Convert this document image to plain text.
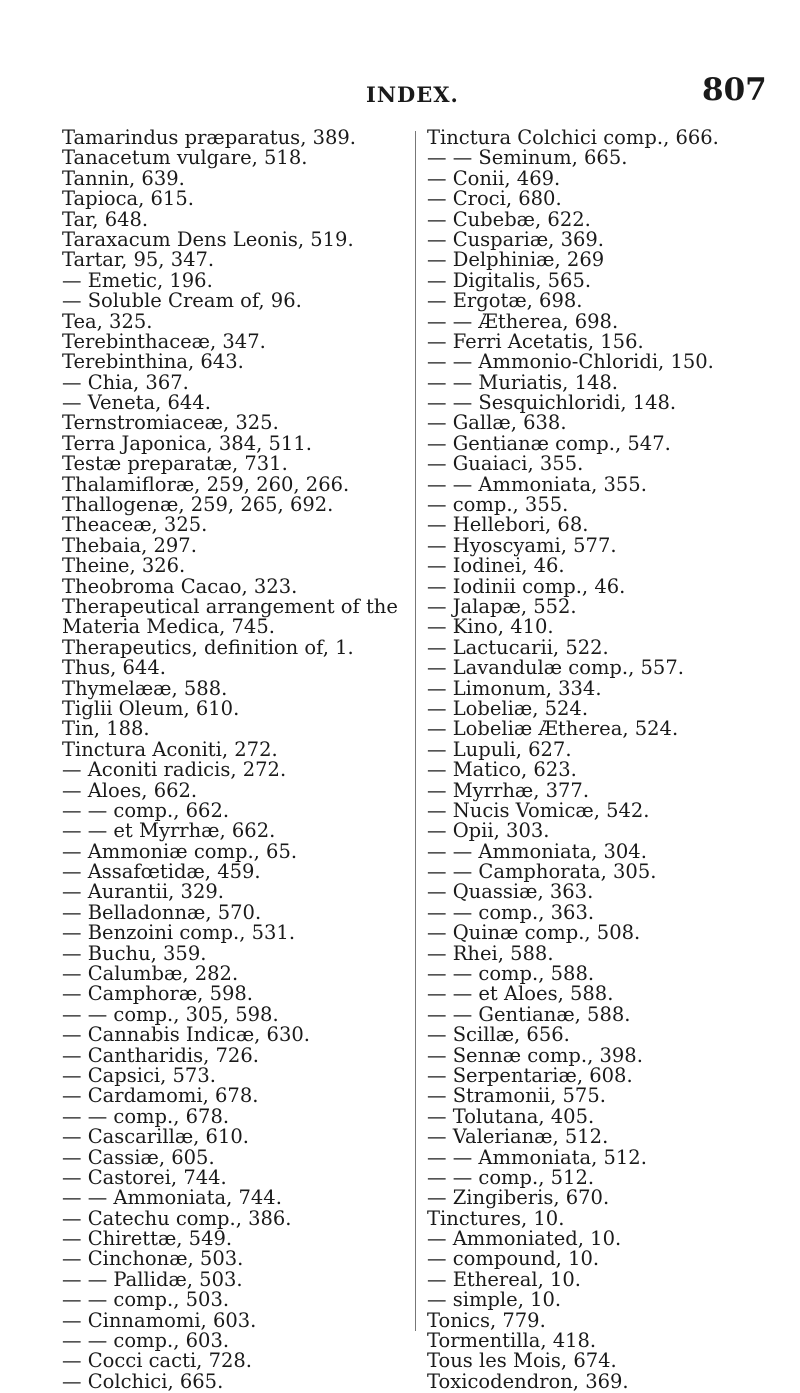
INDEX.	807
Tamarindus præparatus, 389.
Tanacetum vulgare, 518.
Tannin, 639.
Tapioca, 615.
Tar, 648.
Taraxacum Dens Leonis, 519.
Tartar, 95, 347.
— Emetic, 196.
— Soluble Cream of, 96.
Tea, 325.
Terebinthaceæ, 347.
Terebinthina, 643.
— Chia, 367.
— Veneta, 644.
Ternstromiaceæ, 325.
Terra Japonica, 384, 511.
Testæ preparatæ, 731.
Thalamifloræ, 259, 260, 266.
Thallogenæ, 259, 265, 692.
Theaceæ, 325.
Thebaia, 297.
Theine, 326.
Theobroma Cacao, 323.
Therapeutical arrangement of the
Materia Medica, 745.
Therapeutics, definition of, 1.
Thus, 644.
Thymelææ, 588.
Tiglii Oleum, 610.
Tin, 188.
Tinctura Aconiti, 272.
— Aconiti radicis, 272.
— Aloes, 662.
— — comp., 662.
— — et Myrrhæ, 662.
— Ammoniæ comp., 65.
— Assafœtidæ, 459.
— Aurantii, 329.
— Belladonnæ, 570.
— Benzoini comp., 531.
— Buchu, 359.
— Calumbæ, 282.
— Camphoræ, 598.
— — comp., 305, 598.
— Cannabis Indicæ, 630.
— Cantharidis, 726.
— Capsici, 573.
— Cardamomi, 678.
— — comp., 678.
— Cascarillæ, 610.
— Cassiæ, 605.
— Castorei, 744.
— — Ammoniata, 744.
— Catechu comp., 386.
— Chirettæ, 549.
— Cinchonæ, 503.
— — Pallidæ, 503.
— — comp., 503.
— Cinnamomi, 603.
— — comp., 603.
— Cocci cacti, 728.
— Colchici, 665.
Tinctura Colchici comp., 666.
— — Seminum, 665.
— Conii, 469.
— Croci, 680.
— Cubebæ, 622.
— Cuspariæ, 369.
— Delphiniæ, 269
— Digitalis, 565.
— Ergotæ, 698.
— — Ætherea, 698.
— Ferri Acetatis, 156.
— — Ammonio-Chloridi, 150.
— — Muriatis, 148.
— — Sesquichloridi, 148.
— Gallæ, 638.
— Gentianæ comp., 547.
— Guaiaci, 355.
— — Ammoniata, 355.
— comp., 355.
— Hellebori, 68.
— Hyoscyami, 577.
— Iodinei, 46.
— Iodinii comp., 46.
— Jalapæ, 552.
— Kino, 410.
— Lactucarii, 522.
— Lavandulæ comp., 557.
— Limonum, 334.
— Lobeliæ, 524.
— Lobeliæ Ætherea, 524.
— Lupuli, 627.
— Matico, 623.
— Myrrhæ, 377.
— Nucis Vomicæ, 542.
— Opii, 303.
— — Ammoniata, 304.
— — Camphorata, 305.
— Quassiæ, 363.
— — comp., 363.
— Quinæ comp., 508.
— Rhei, 588.
— — comp., 588.
— — et Aloes, 588.
— — Gentianæ, 588.
— Scillæ, 656.
— Sennæ comp., 398.
— Serpentariæ, 608.
— Stramonii, 575.
— Tolutana, 405.
— Valerianæ, 512.
— — Ammoniata, 512.
— — comp., 512.
— Zingiberis, 670.
Tinctures, 10.
— Ammoniated, 10.
— compound, 10.
— Ethereal, 10.
— simple, 10.
Tonics, 779.
Tormentilla, 418.
Tous les Mois, 674.
Toxicodendron, 369.
